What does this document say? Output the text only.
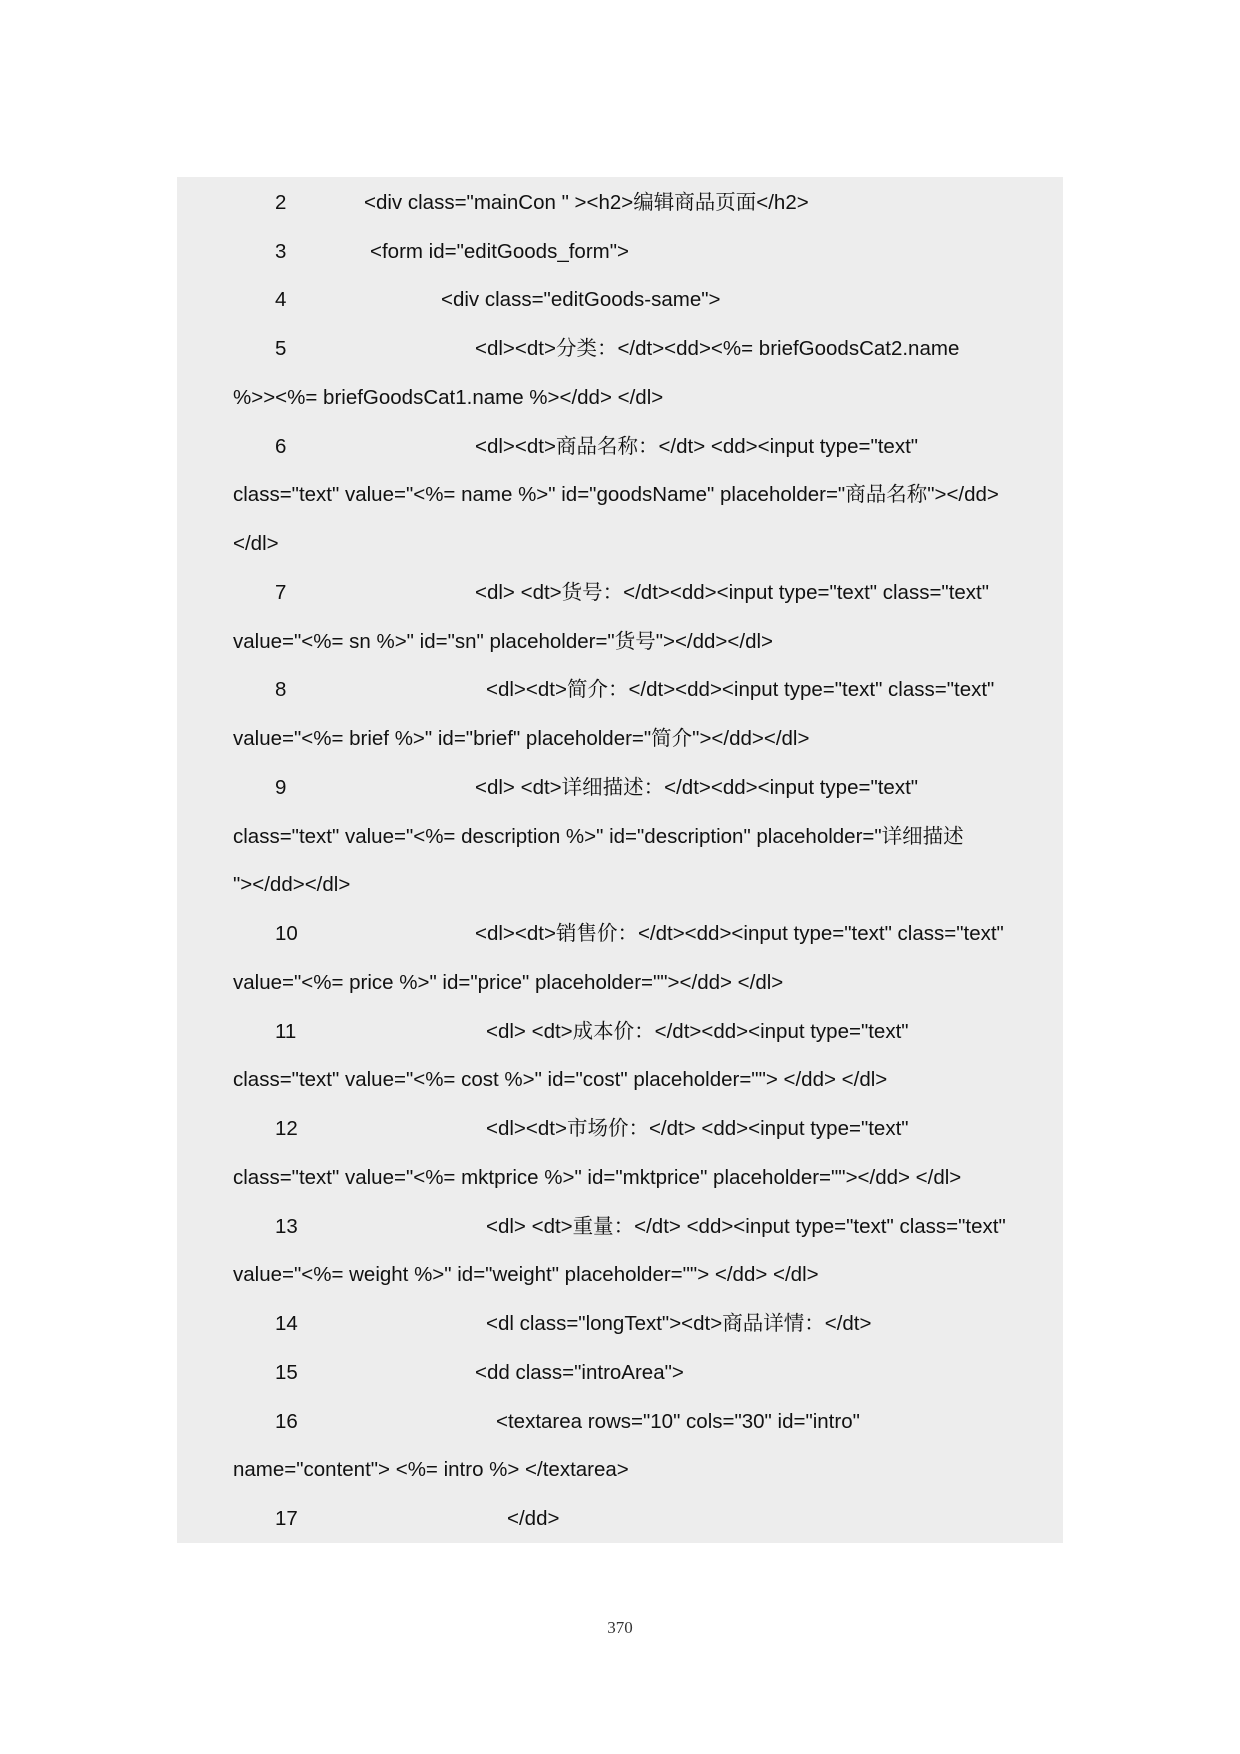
2	<div class="mainCon " ><h2>编辑商品页面</h2>
3	<form id="editGoods_form">
4	<div class="editGoods-same">
5	<dl><dt>分类：</dt><dd><%= briefGoodsCat2.name
%>><%= briefGoodsCat1.name %></dd> </dl>
6	<dl><dt>商品名称：</dt> <dd><input type="text"
class="text" value="<%= name %>" id="goodsName" placeholder="商品名称"></dd>
</dl>
7	<dl> <dt>货号：</dt><dd><input type="text" class="text"
value="<%= sn %>" id="sn" placeholder="货号"></dd></dl>
8	<dl><dt>简介：</dt><dd><input type="text" class="text"
value="<%= brief %>" id="brief" placeholder="简介"></dd></dl>
9	<dl> <dt>详细描述：</dt><dd><input type="text"
class="text" value="<%= description %>" id="description" placeholder="详细描述
"></dd></dl>
10	<dl><dt>销售价：</dt><dd><input type="text" class="text"
value="<%= price %>" id="price" placeholder=""></dd> </dl>
11	<dl> <dt>成本价：</dt><dd><input type="text"
class="text" value="<%= cost %>" id="cost" placeholder=""> </dd> </dl>
12	<dl><dt>市场价：</dt> <dd><input type="text"
class="text" value="<%= mktprice %>" id="mktprice" placeholder=""></dd> </dl>
13	<dl> <dt>重量：</dt> <dd><input type="text" class="text"
value="<%= weight %>" id="weight" placeholder=""> </dd> </dl>
14	<dl class="longText"><dt>商品详情：</dt>
15	<dd class="introArea">
16	<textarea rows="10" cols="30" id="intro"
name="content"> <%= intro %> </textarea>
17	</dd>
370
